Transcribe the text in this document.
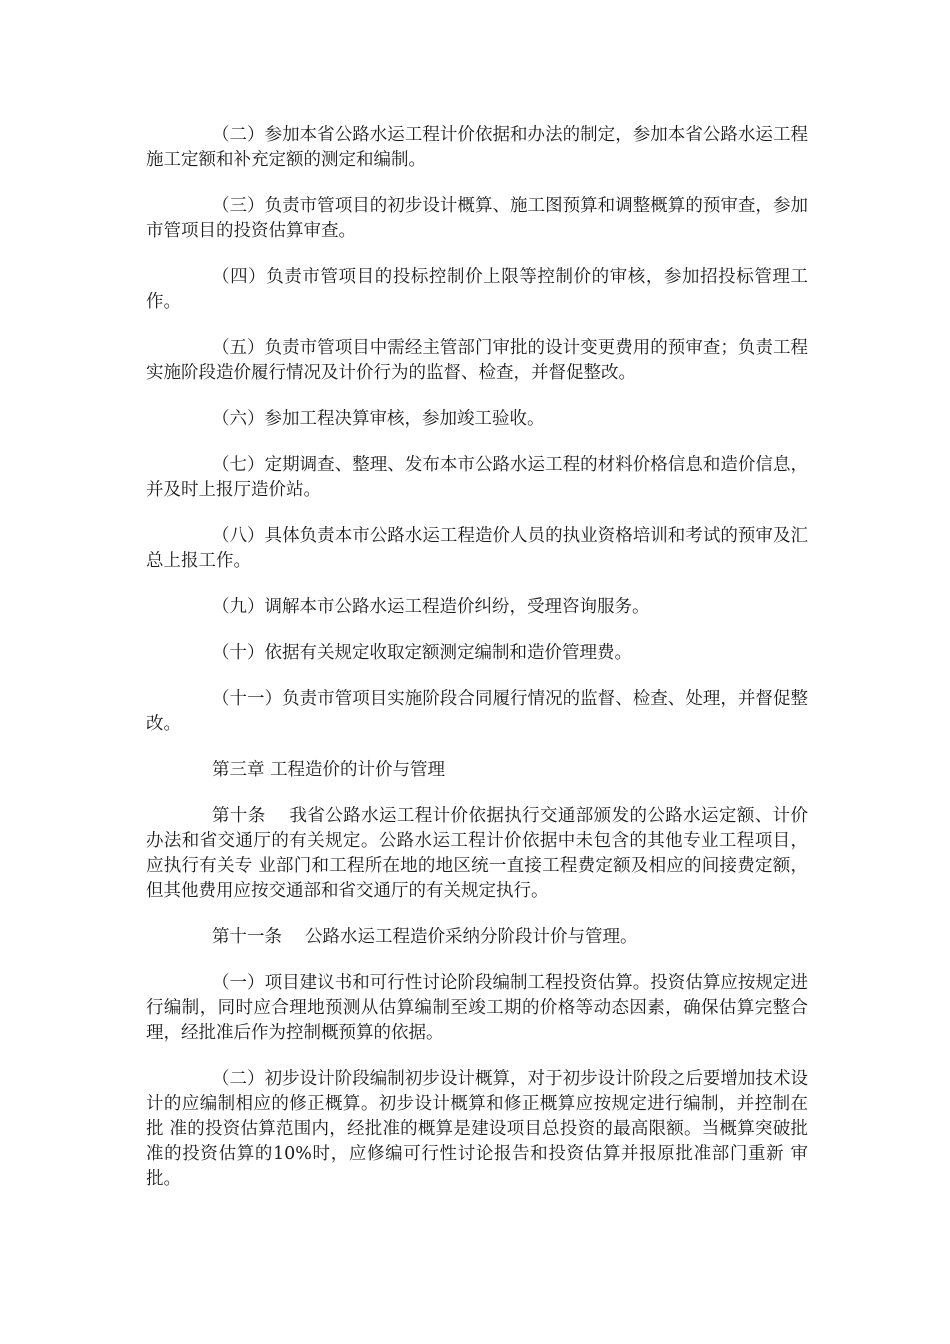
（二）参加本省公路水运工程计价依据和办法的制定，参加本省公路水运工程施工定额和补充定额的测定和编制。

（三）负责市管项目的初步设计概算、施工图预算和调整概算的预审查，参加市管项目的投资估算审查。

（四）负责市管项目的投标控制价上限等控制价的审核，参加招投标管理工作。

（五）负责市管项目中需经主管部门审批的设计变更费用的预审查；负责工程实施阶段造价履行情况及计价行为的监督、检查，并督促整改。

（六）参加工程决算审核，参加竣工验收。

（七）定期调查、整理、发布本市公路水运工程的材料价格信息和造价信息，并及时上报厅造价站。

（八）具体负责本市公路水运工程造价人员的执业资格培训和考试的预审及汇总上报工作。

（九）调解本市公路水运工程造价纠纷，受理咨询服务。

（十）依据有关规定收取定额测定编制和造价管理费。

（十一）负责市管项目实施阶段合同履行情况的监督、检查、处理，并督促整改。

第三章 工程造价的计价与管理

第十条　 我省公路水运工程计价依据执行交通部颁发的公路水运定额、计价办法和省交通厅的有关规定。公路水运工程计价依据中未包含的其他专业工程项目，应执行有关专 业部门和工程所在地的地区统一直接工程费定额及相应的间接费定额，但其他费用应按交通部和省交通厅的有关规定执行。

第十一条　 公路水运工程造价采纳分阶段计价与管理。

（一）项目建议书和可行性讨论阶段编制工程投资估算。投资估算应按规定进行编制，同时应合理地预测从估算编制至竣工期的价格等动态因素，确保估算完整合理，经批准后作为控制概预算的依据。

（二）初步设计阶段编制初步设计概算，对于初步设计阶段之后要增加技术设计的应编制相应的修正概算。初步设计概算和修正概算应按规定进行编制，并控制在批 准的投资估算范围内，经批准的概算是建设项目总投资的最高限额。当概算突破批准的投资估算的10%时，应修编可行性讨论报告和投资估算并报原批准部门重新 审批。
